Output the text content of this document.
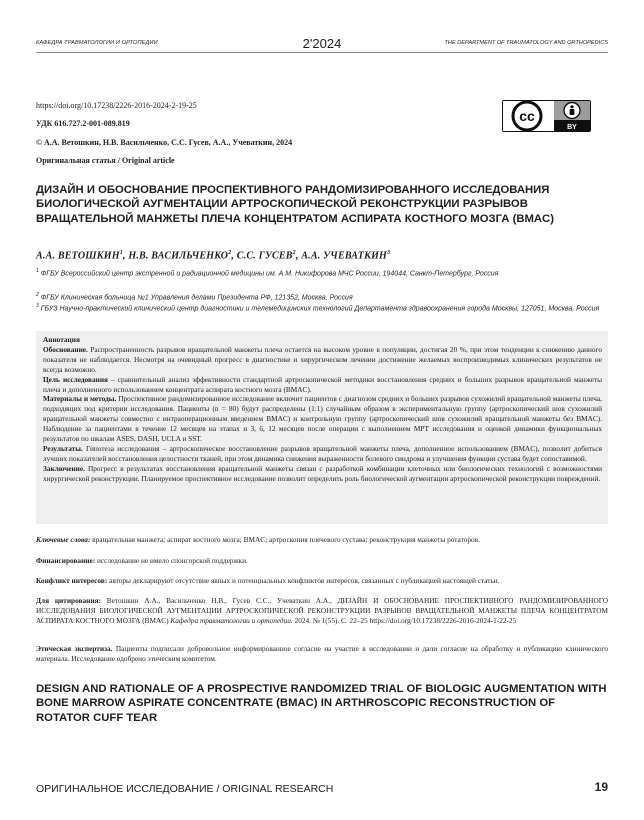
КАФЕДРА ТРАВМАТОЛОГИИ И ОРТОПЕДИИ	2'2024	THE DEPARTMENT OF TRAUMATOLOGY AND ORTHOPEDICS
https://doi.org/10.17238/2226-2016-2024-2-19-25
УДК 616.727.2-001-089.819
© А.А. Ветошкин, Н.В. Васильченко, С.С. Гусев, А.А., Учеваткин, 2024
Оригинальная статья / Original article
cc
BY
ДИЗАЙН И ОБОСНОВАНИЕ ПРОСПЕКТИВНОГО РАНДОМИЗИРОВАННОГО ИССЛЕДОВАНИЯ БИОЛОГИЧЕСКОЙ АУГМЕНТАЦИИ АРТРОСКОПИЧЕСКОЙ РЕКОНСТРУКЦИИ РАЗРЫВОВ ВРАЩАТЕЛЬНОЙ МАНЖЕТЫ ПЛЕЧА КОНЦЕНТРАТОМ АСПИРАТА КОСТНОГО МОЗГА (BMAC)
А.А. ВЕТОШКИН$^1$, Н.В. ВАСИЛЬЧЕНКО$^2$, С.С. ГУСЕВ$^2$, А.А. УЧЕВАТКИН$^3$
$^1$ ФГБУ Всероссийский центр экстренной и радиационной медицины им. А.М. Никифорова МЧС России, 194044, Санкт-Петербург, Россия
$^2$ ФГБУ Клиническая больница №1 Управления делами Президента РФ, 121352, Москва, Россия
$^3$ ГБУЗ Научно-практический клинический центр диагностики и телемедицинских технологий Департамента здравоохранения города Москвы, 127051, Москва, Россия

Аннотация

Обоснование. Распространенность разрывов вращательной манжеты плеча остается на высоком уровне в популяции, достигая 20 %, при этом тенденции к снижению данного показателя не наблюдается. Несмотря на очевидный прогресс в диагностике и хирургическом лечении достижение желаемых воспроизводимых клинических результатов не всегда возможно.

Цель исследования – сравнительный анализ эффективности стандартной артроскопической методики восстановления средних и больших разрывов вращательной манжеты плеча и дополненного использованием концентрата аспирата костного мозга (BMAC).

Материалы и методы. Проспективное рандомизированное исследование включит пациентов с диагнозом средних и больших разрывов сухожилий вращательной манжеты плеча, подходящих под критерии исследования. Пациенты (n = 80) будут распределены (1:1) случайным образом в экспериментальную группу (артроскопический шов сухожилий вращательной манжеты совместно с интраоперационным введением BMAC) и контрольную группу (артроскопический шов сухожилий вращательной манжеты без BMAC). Наблюдение за пациентами в течение 12 месяцев на этапах и 3, 6, 12 месяцев после операции с выполнением МРТ исследования и оценкой динамики функциональных результатов по шкалам ASES, DASH, UCLA и SST.

Результаты. Гипотеза исследования – артроскопическое восстановление разрывов вращательной манжеты плеча, дополненное использованием (BMAC), позволит добиться лучших показателей восстановления целостности тканей, при этом динамика снижения выраженности болевого синдрома и улучшения функции сустава будет сопоставимой.

Заключение. Прогресс в результатах восстановления вращательной манжеты связан с разработкой комбинации клеточных или биологических технологий с возможностями хирургической реконструкции. Планируемое проспективное исследование позволит определить роль биологической аугментации артроскопической реконструкции повреждений.

Ключевые слова: вращательная манжета; аспират костного мозга; BMAC; артроскопия плечевого сустава; реконструкция манжеты ротаторов.

Финансирование: исследование не имело спонсорской поддержки.

Конфликт интересов: авторы декларируют отсутствие явных и потенциальных конфликтов интересов, связанных с публикацией настоящей статьи.

Для цитирования: Ветошкин А.А., Васильченко Н.В., Гусев С.С., Учеваткин А.А., ДИЗАЙН И ОБОСНОВАНИЕ ПРОСПЕКТИВНОГО РАНДОМИЗИРОВАННОГО ИССЛЕДОВАНИЯ БИОЛОГИЧЕСКОЙ АУГМЕНТАЦИИ АРТРОСКОПИЧЕСКОЙ РЕКОНСТРУКЦИИ РАЗРЫВОВ ВРАЩАТЕЛЬНОЙ МАНЖЕТЫ ПЛЕЧА КОНЦЕНТРАТОМ АСПИРАТА КОСТНОГО МОЗГА (BMAC) Кафедра травматологии и ортопедии. 2024. № 1(55). С. 22–25 https://doi.org/10.17238/2226-2016-2024-1-22-25

Этическая экспертиза. Пациенты подписали добровольное информированное согласие на участие в исследовании и дали согласие на обработку и публикацию клинического материала. Исследование одобрено этическим комитетом.

DESIGN AND RATIONALE OF A PROSPECTIVE RANDOMIZED TRIAL OF BIOLOGIC AUGMENTATION WITH BONE MARROW ASPIRATE CONCENTRATE (BMAC) IN ARTHROSCOPIC RECONSTRUCTION OF ROTATOR CUFF TEAR
ОРИГИНАЛЬНОЕ ИССЛЕДОВАНИЕ / ORIGINAL RESEARCH	19
